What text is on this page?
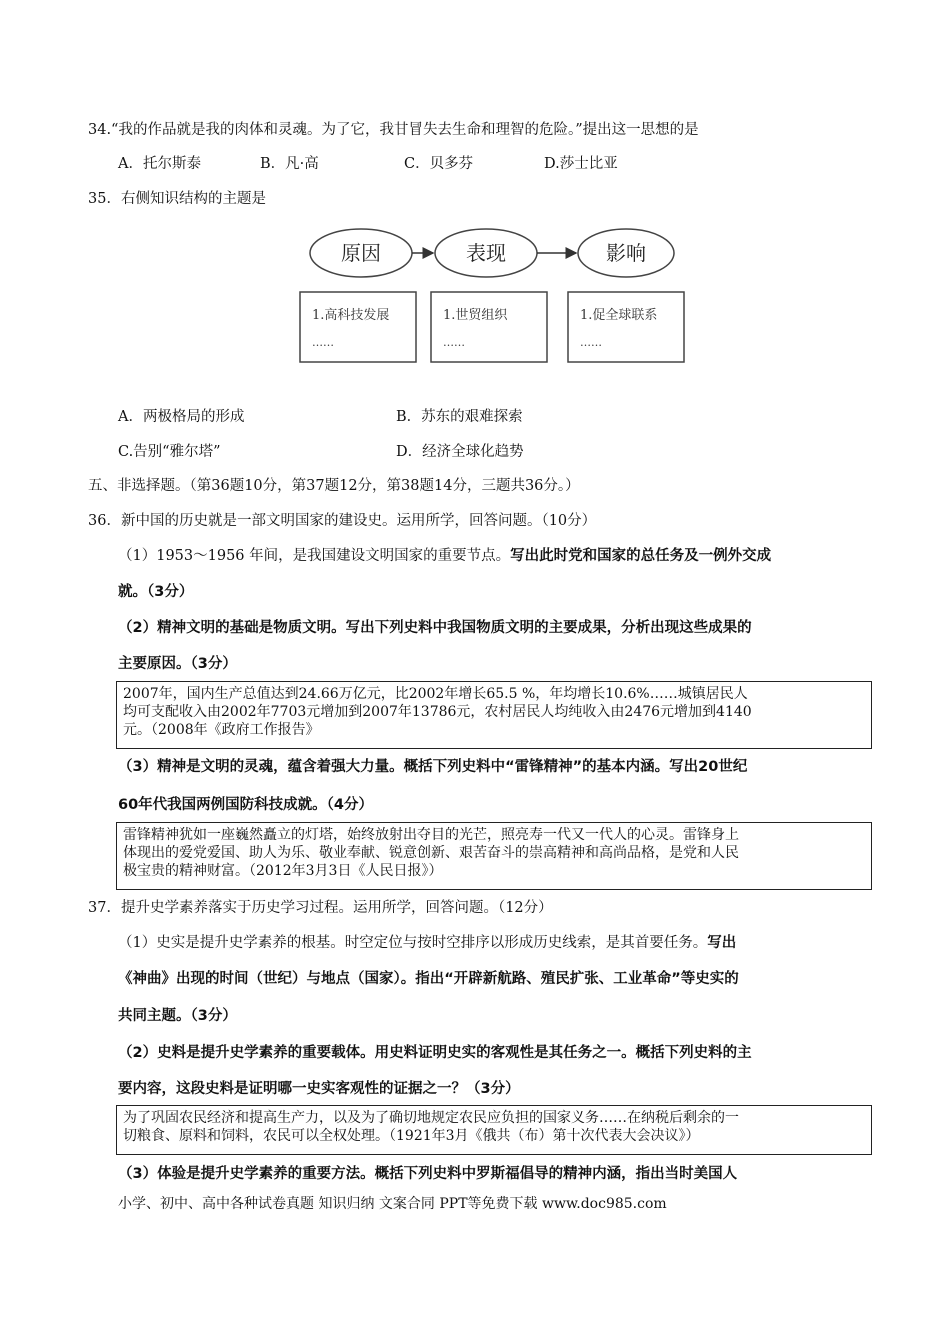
34.“我的作品就是我的肉体和灵魂。为了它，我甘冒失去生命和理智的危险。”提出这一思想的是
A．托尔斯泰	B．凡·高	C．贝多芬	D.莎士比亚
35．右侧知识结构的主题是
原因	表现	影响
1.高科技发展
……
1.世贸组织
……
1.促全球联系
……
A．两极格局的形成	B．苏东的艰难探索
C.告别“雅尔塔”	D．经济全球化趋势
五、非选择题。（第36题10分，第37题12分，第38题14分，三题共36分。）
36．新中国的历史就是一部文明国家的建设史。运用所学，回答问题。（10分）
（1）1953～1956 年间，是我国建设文明国家的重要节点。写出此时党和国家的总任务及一例外交成
就。（3分）
（2）精神文明的基础是物质文明。写出下列史料中我国物质文明的主要成果，分析出现这些成果的
主要原因。（3分）
2007年，国内生产总值达到24.66万亿元，比2002年增长65.5 %，年均增长10.6%……城镇居民人
均可支配收入由2002年7703元增加到2007年13786元，农村居民人均纯收入由2476元增加到4140
元。（2008年《政府工作报告》
（3）精神是文明的灵魂，蕴含着强大力量。概括下列史料中“雷锋精神”的基本内涵。写出20世纪
60年代我国两例国防科技成就。（4分）
雷锋精神犹如一座巍然矗立的灯塔，始终放射出夺目的光芒，照亮寿一代又一代人的心灵。雷锋身上
体现出的爱党爱国、助人为乐、敬业奉献、锐意创新、艰苦奋斗的崇高精神和高尚品格，是党和人民
极宝贵的精神财富。（2012年3月3日《人民日报》）
37．提升史学素养落实于历史学习过程。运用所学，回答问题。（12分）
（1）史实是提升史学素养的根基。时空定位与按时空排序以形成历史线索，是其首要任务。写出
《神曲》出现的时间（世纪）与地点（国家）。指出“开辟新航路、殖民扩张、工业革命”等史实的
共同主题。（3分）
（2）史料是提升史学素养的重要载体。用史料证明史实的客观性是其任务之一。概括下列史料的主
要内容，这段史料是证明哪一史实客观性的证据之一？（3分）
为了巩固农民经济和提高生产力，以及为了确切地规定农民应负担的国家义务……在纳税后剩余的一
切粮食、原料和饲料，农民可以全权处理。（1921年3月《俄共（布）第十次代表大会决议》）
（3）体验是提升史学素养的重要方法。概括下列史料中罗斯福倡导的精神内涵，指出当时美国人
小学、初中、高中各种试卷真题 知识归纳 文案合同 PPT等免费下载 www.doc985.com
